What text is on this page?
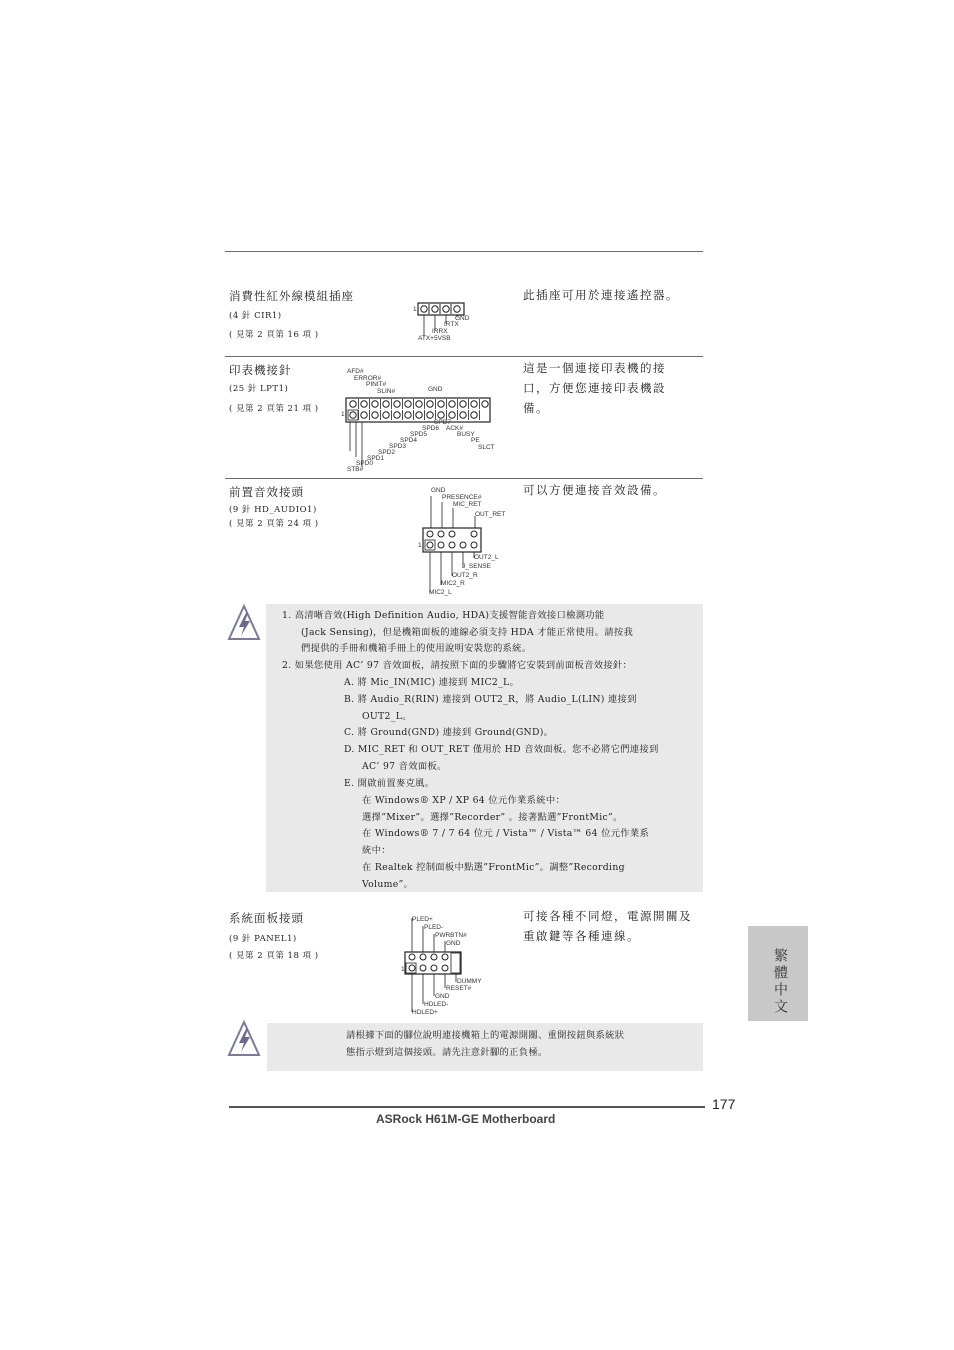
消費性紅外線模組插座
(4 針 CIR1)
( 見第 2 頁第 16 項 )
此插座可用於連接遙控器。
1
GND
IRTX
IRRX
ATX+5VSB
印表機接針
(25 針 LPT1)
( 見第 2 頁第 21 項 )
這是一個連接印表機的接
口，方便您連接印表機設
備。
1
AFD#
ERROR#
PINIT#
SLIN#	GND
SPD7
SPD6 ACK#
SPD5	BUSY
SPD4	PE
SPD3	SLCT
SPD2
SPD1
SPD0
STB#
前置音效接頭
(9 針 HD_AUDIO1)
( 見第 2 頁第 24 項 )
可以方便連接音效設備。
1
GND
PRESENCE#
MIC_RET
OUT_RET
OUT2_L
J_SENSE
OUT2_R
MIC2_R
MIC2_L
1. 高清晰音效(High Definition Audio, HDA)支援智能音效接口檢測功能
(Jack Sensing)，但是機箱面板的連線必須支持 HDA 才能正常使用。請按我
們提供的手冊和機箱手冊上的使用說明安裝您的系統。
2. 如果您使用 AC’ 97 音效面板，請按照下面的步驟將它安裝到前面板音效接針：
A. 將 Mic_IN(MIC) 連接到 MIC2_L。
B. 將 Audio_R(RIN) 連接到 OUT2_R，將 Audio_L(LIN) 連接到
OUT2_L。
C. 將 Ground(GND) 連接到 Ground(GND)。
D. MIC_RET 和 OUT_RET 僅用於 HD 音效面板。您不必將它們連接到
AC’ 97 音效面板。
E. 開啟前置麥克風。
在 Windows® XP / XP 64 位元作業系統中：
選擇”Mixer”。選擇”Recorder” 。接著點選”FrontMic”。
在 Windows® 7 / 7 64 位元 / Vista™ / Vista™ 64 位元作業系
統中：
在 Realtek 控制面板中點選”FrontMic”。調整”Recording
Volume”。
系統面板接頭
(9 針 PANEL1)
( 見第 2 頁第 18 項 )
可接各種不同燈，電源開關及
重啟鍵等各種連線。
1
PLED+
PLED-
PWRBTN#
GND
DUMMY
RESET#
GND
HDLED-
HDLED+
請根據下面的腳位說明連接機箱上的電源開關、重開按鈕與系統狀
態指示燈到這個接頭。請先注意針腳的正負極。
繁體中文
177
ASRock H61M-GE Motherboard
